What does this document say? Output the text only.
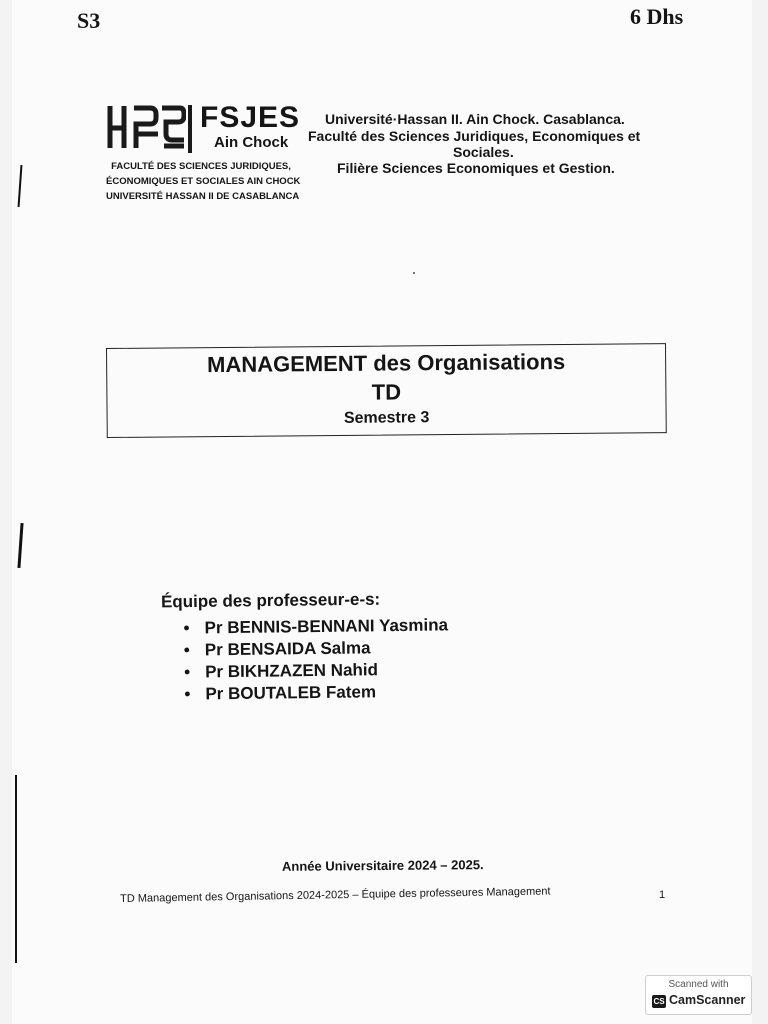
S3	6 Dhs
FSJES
Ain Chock
FACULTÉ DES SCIENCES JURIDIQUES,
ÉCONOMIQUES ET SOCIALES AIN CHOCK
UNIVERSITÉ HASSAN II DE CASABLANCA
Université·Hassan II. Ain Chock. Casablanca.
Faculté des Sciences Juridiques, Economiques et
Sociales.
Filière Sciences Economiques et Gestion.
MANAGEMENT des Organisations
TD
Semestre 3
Équipe des professeur-e-s:
• Pr BENNIS-BENNANI Yasmina
• Pr BENSAIDA Salma
• Pr BIKHZAZEN Nahid
• Pr BOUTALEB Fatem
Année Universitaire 2024 – 2025.
TD Management des Organisations 2024-2025 – Équipe des professeures Management	1
Scanned with
CS CamScanner
